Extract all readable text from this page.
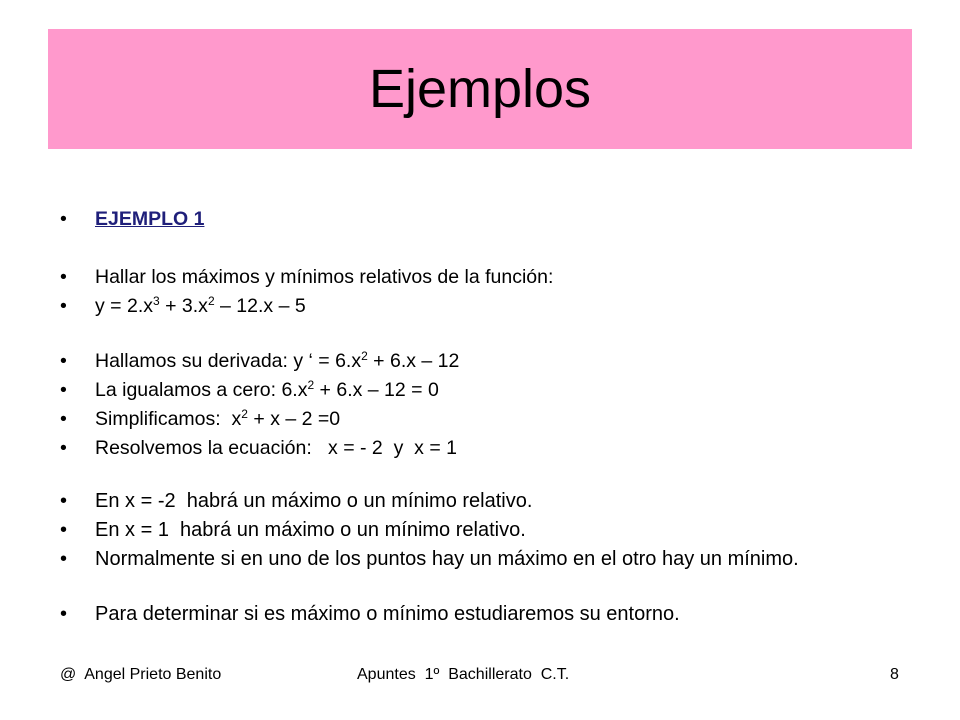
Ejemplos
• EJEMPLO 1
• Hallar los máximos y mínimos relativos de la función:
• $y = 2.x^3 + 3.x^2 - 12.x - 5$
• Hallamos su derivada: y ‘ = $6.x^2 + 6.x - 12$
• La igualamos a cero: $6.x^2 + 6.x - 12 = 0$
• Simplificamos:  $x^2 + x - 2 =0$
• Resolvemos la ecuación:   x = - 2  y  x = 1
• En x = -2  habrá un máximo o un mínimo relativo.
• En x = 1  habrá un máximo o un mínimo relativo.
• Normalmente si en uno de los puntos hay un máximo en el otro hay un mínimo.
• Para determinar si es máximo o mínimo estudiaremos su entorno.
@  Angel Prieto Benito	Apuntes  1º  Bachillerato  C.T.	8
